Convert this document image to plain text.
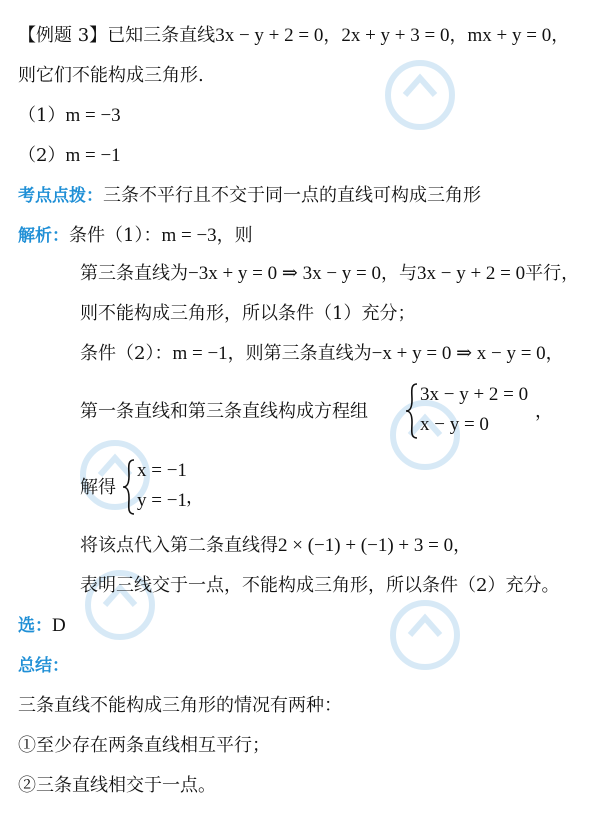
【例题 3】已知三条直线3x − y + 2 = 0，2x + y + 3 = 0，mx + y = 0，
则它们不能构成三角形.
（1）m = −3
（2）m = −1
考点点拨：三条不平行且不交于同一点的直线可构成三角形
解析：条件（1）：m = −3，则
第三条直线为−3x + y = 0 ⇒ 3x − y = 0，与3x − y + 2 = 0平行，
则不能构成三角形，所以条件（1）充分；
条件（2）：m = −1，则第三条直线为−x + y = 0 ⇒ x − y = 0，
第一条直线和第三条直线构成方程组
3x − y + 2 = 0
x − y = 0
，
解得
x = −1
y = −1 ，
将该点代入第二条直线得2 × (−1) + (−1) + 3 = 0，
表明三线交于一点，不能构成三角形，所以条件（2）充分。
选：D
总结：
三条直线不能构成三角形的情况有两种：
①至少存在两条直线相互平行；
②三条直线相交于一点。
